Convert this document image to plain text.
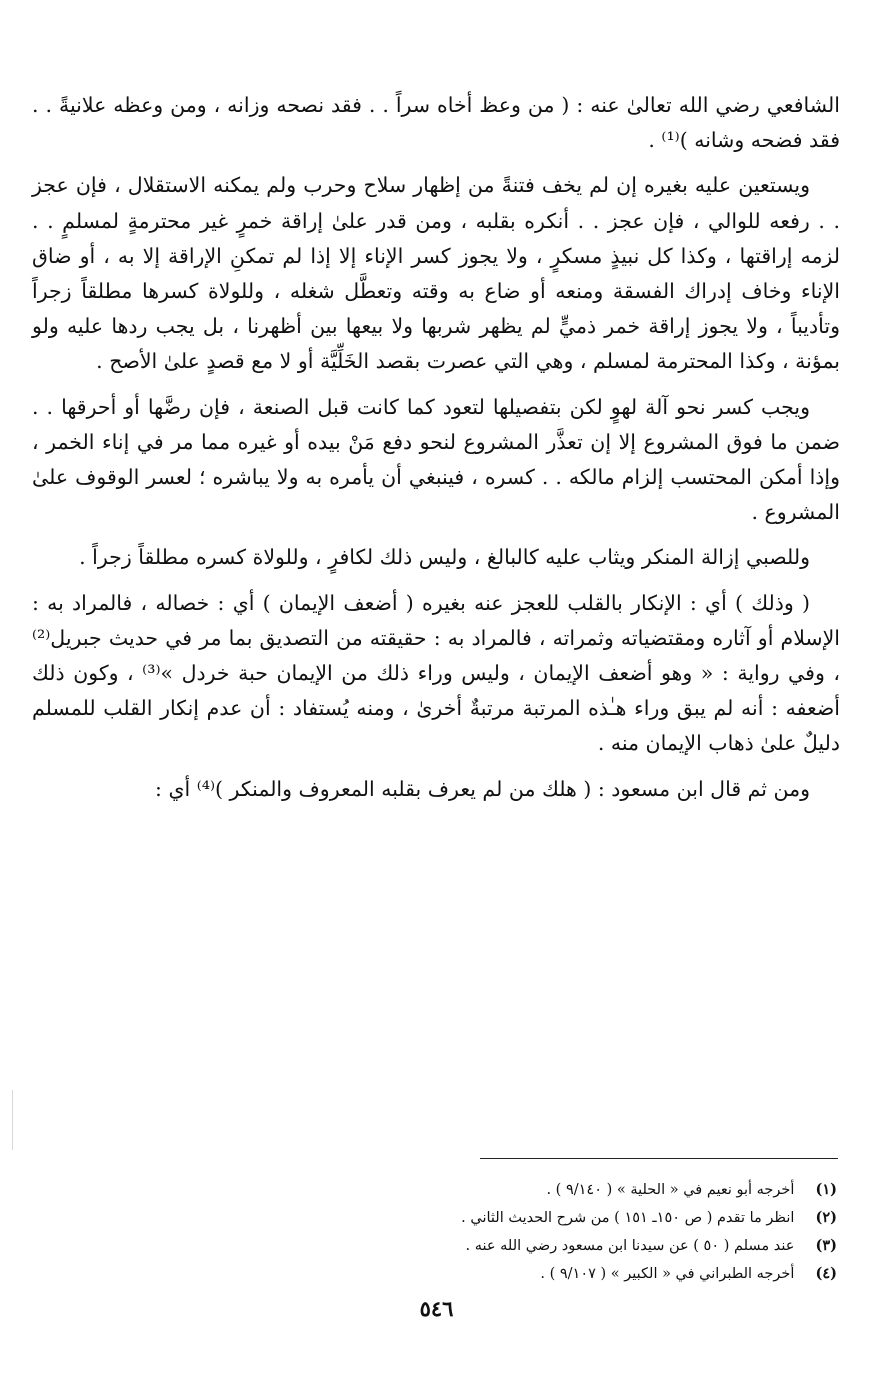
الشافعي رضي الله تعالىٰ عنه : ( من وعظ أخاه سراً . . فقد نصحه وزانه ، ومن وعظه علانيةً . . فقد فضحه وشانه )⁽¹⁾ .

ويستعين عليه بغيره إن لم يخف فتنةً من إظهار سلاح وحرب ولم يمكنه الاستقلال ، فإن عجز . . رفعه للوالي ، فإن عجز . . أنكره بقلبه ، ومن قدر علىٰ إراقة خمرٍ غير محترمةٍ لمسلمٍ . . لزمه إراقتها ، وكذا كل نبيذٍ مسكرٍ ، ولا يجوز كسر الإناء إلا إذا لم تمكنِ الإراقة إلا به ، أو ضاق الإناء وخاف إدراك الفسقة ومنعه أو ضاع به وقته وتعطَّل شغله ، وللولاة كسرها مطلقاً زجراً وتأديباً ، ولا يجوز إراقة خمر ذميٍّ لم يظهر شربها ولا بيعها بين أظهرنا ، بل يجب ردها عليه ولو بمؤنة ، وكذا المحترمة لمسلم ، وهي التي عصرت بقصد الخَلِّيَّة أو لا مع قصدٍ علىٰ الأصح .

ويجب كسر نحو آلة لهوٍ لكن بتفصيلها لتعود كما كانت قبل الصنعة ، فإن رضَّها أو أحرقها . . ضمن ما فوق المشروع إلا إن تعذَّر المشروع لنحو دفع مَنْ بيده أو غيره مما مر في إناء الخمر ، وإذا أمكن المحتسب إلزام مالكه . . كسره ، فينبغي أن يأمره به ولا يباشره ؛ لعسر الوقوف علىٰ المشروع .

وللصبي إزالة المنكر ويثاب عليه كالبالغ ، وليس ذلك لكافرٍ ، وللولاة كسره مطلقاً زجراً .

( وذلك ) أي : الإنكار بالقلب للعجز عنه بغيره ( أضعف الإيمان ) أي : خصاله ، فالمراد به : الإسلام أو آثاره ومقتضياته وثمراته ، فالمراد به : حقيقته من التصديق بما مر في حديث جبريل⁽²⁾ ، وفي رواية : « وهو أضعف الإيمان ، وليس وراء ذلك من الإيمان حبة خردل »⁽³⁾ ، وكون ذلك أضعفه : أنه لم يبق وراء هـٰذه المرتبة مرتبةٌ أخرىٰ ، ومنه يُستفاد : أن عدم إنكار القلب للمسلم دليلٌ علىٰ ذهاب الإيمان منه .

ومن ثم قال ابن مسعود : ( هلك من لم يعرف بقلبه المعروف والمنكر )⁽⁴⁾ أي :

(١) أخرجه أبو نعيم في « الحلية » ( ٩/١٤٠ ) .

(٢) انظر ما تقدم ( ص ١٥٠ـ ١٥١ ) من شرح الحديث الثاني .

(٣) عند مسلم ( ٥٠ ) عن سيدنا ابن مسعود رضي الله عنه .

(٤) أخرجه الطبراني في « الكبير » ( ٩/١٠٧ ) .

٥٤٦
